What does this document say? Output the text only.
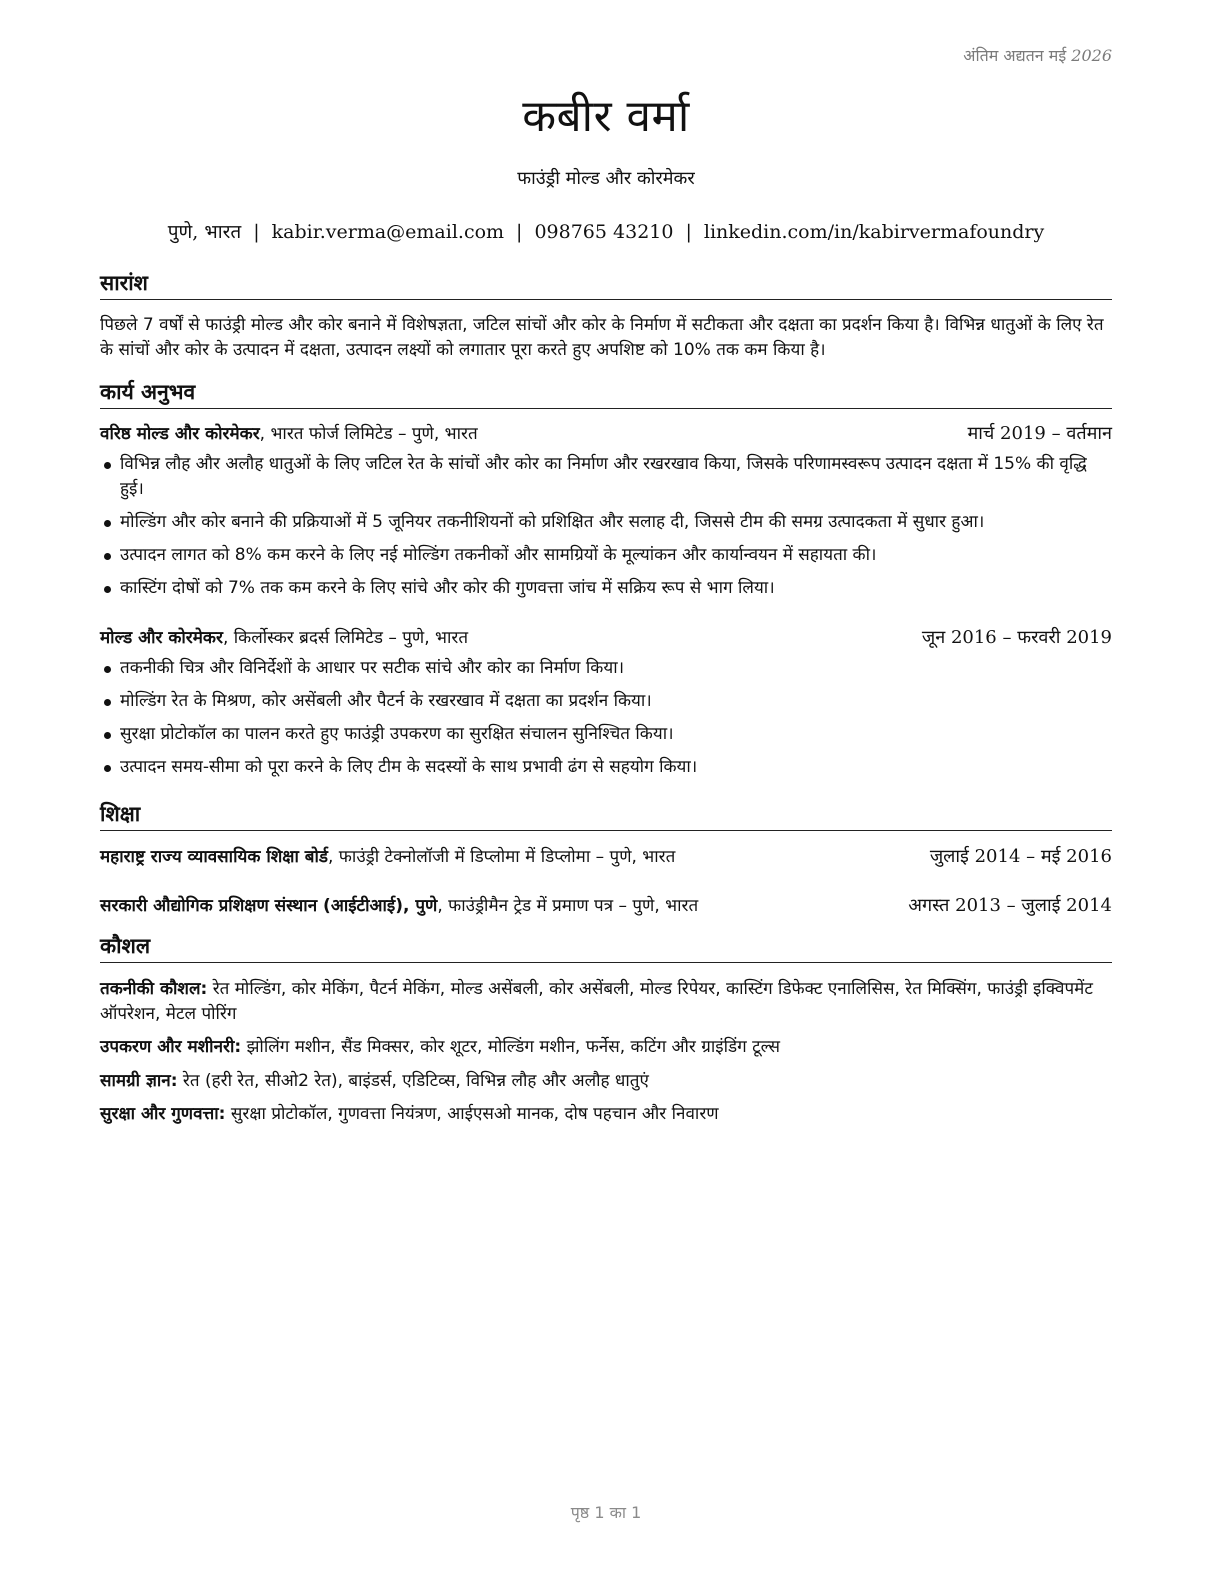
अंतिम अद्यतन मई 2026
कबीर वर्मा
फाउंड्री मोल्ड और कोरमेकर
पुणे, भारत | kabir.verma@email.com | 098765 43210 | linkedin.com/in/kabirvermafoundry
सारांश
पिछले 7 वर्षों से फाउंड्री मोल्ड और कोर बनाने में विशेषज्ञता, जटिल सांचों और कोर के निर्माण में सटीकता और दक्षता का प्रदर्शन किया है। विभिन्न धातुओं के लिए रेत के सांचों और कोर के उत्पादन में दक्षता, उत्पादन लक्ष्यों को लगातार पूरा करते हुए अपशिष्ट को 10% तक कम किया है।
कार्य अनुभव
वरिष्ठ मोल्ड और कोरमेकर, भारत फोर्ज लिमिटेड – पुणे, भारत	मार्च 2019 – वर्तमान
विभिन्न लौह और अलौह धातुओं के लिए जटिल रेत के सांचों और कोर का निर्माण और रखरखाव किया, जिसके परिणामस्वरूप उत्पादन दक्षता में 15% की वृद्धि हुई।
मोल्डिंग और कोर बनाने की प्रक्रियाओं में 5 जूनियर तकनीशियनों को प्रशिक्षित और सलाह दी, जिससे टीम की समग्र उत्पादकता में सुधार हुआ।
उत्पादन लागत को 8% कम करने के लिए नई मोल्डिंग तकनीकों और सामग्रियों के मूल्यांकन और कार्यान्वयन में सहायता की।
कास्टिंग दोषों को 7% तक कम करने के लिए सांचे और कोर की गुणवत्ता जांच में सक्रिय रूप से भाग लिया।
मोल्ड और कोरमेकर, किर्लोस्कर ब्रदर्स लिमिटेड – पुणे, भारत	जून 2016 – फरवरी 2019
तकनीकी चित्र और विनिर्देशों के आधार पर सटीक सांचे और कोर का निर्माण किया।
मोल्डिंग रेत के मिश्रण, कोर असेंबली और पैटर्न के रखरखाव में दक्षता का प्रदर्शन किया।
सुरक्षा प्रोटोकॉल का पालन करते हुए फाउंड्री उपकरण का सुरक्षित संचालन सुनिश्चित किया।
उत्पादन समय-सीमा को पूरा करने के लिए टीम के सदस्यों के साथ प्रभावी ढंग से सहयोग किया।
शिक्षा
महाराष्ट्र राज्य व्यावसायिक शिक्षा बोर्ड, फाउंड्री टेक्नोलॉजी में डिप्लोमा में डिप्लोमा – पुणे, भारत	जुलाई 2014 – मई 2016
सरकारी औद्योगिक प्रशिक्षण संस्थान (आईटीआई), पुणे, फाउंड्रीमैन ट्रेड में प्रमाण पत्र – पुणे, भारत	अगस्त 2013 – जुलाई 2014
कौशल
तकनीकी कौशल: रेत मोल्डिंग, कोर मेकिंग, पैटर्न मेकिंग, मोल्ड असेंबली, कोर असेंबली, मोल्ड रिपेयर, कास्टिंग डिफेक्ट एनालिसिस, रेत मिक्सिंग, फाउंड्री इक्विपमेंट ऑपरेशन, मेटल पोरिंग
उपकरण और मशीनरी: झोलिंग मशीन, सैंड मिक्सर, कोर शूटर, मोल्डिंग मशीन, फर्नेस, कटिंग और ग्राइंडिंग टूल्स
सामग्री ज्ञान: रेत (हरी रेत, सीओ2 रेत), बाइंडर्स, एडिटिव्स, विभिन्न लौह और अलौह धातुएं
सुरक्षा और गुणवत्ता: सुरक्षा प्रोटोकॉल, गुणवत्ता नियंत्रण, आईएसओ मानक, दोष पहचान और निवारण
पृष्ठ 1 का 1
